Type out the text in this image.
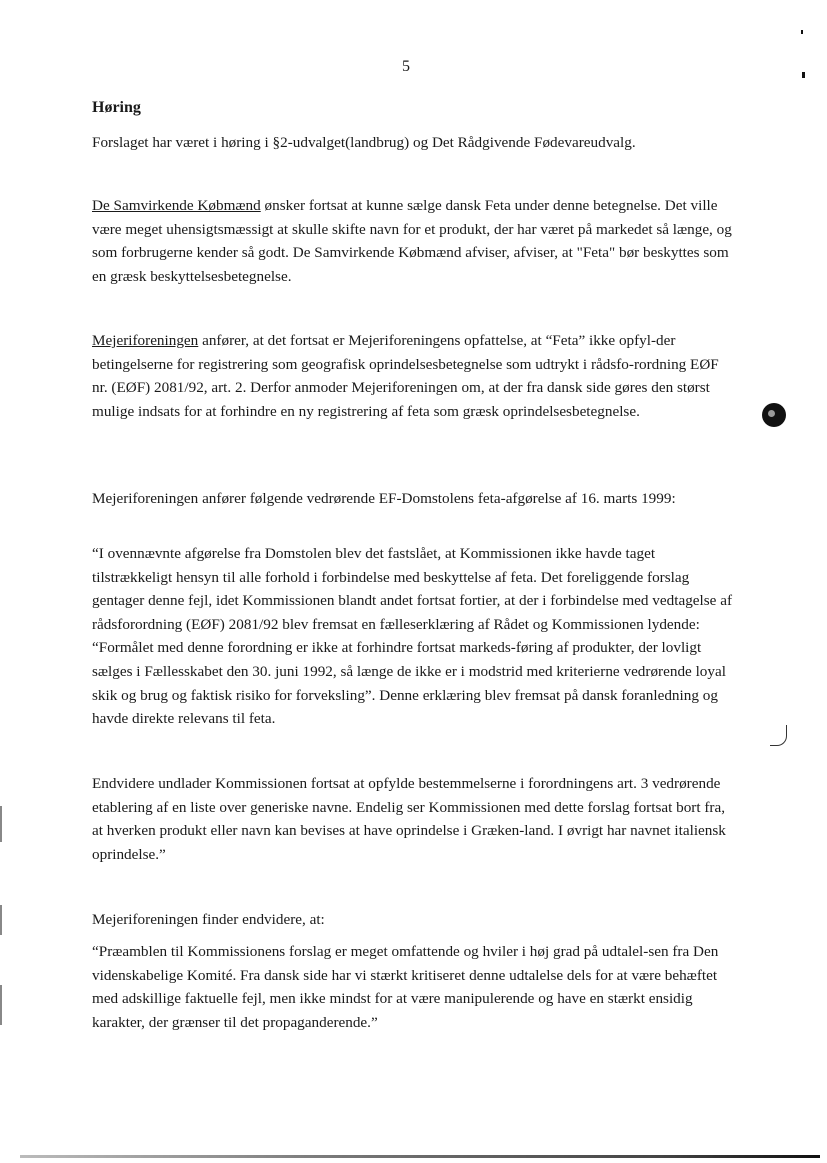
5
Høring

Forslaget har været i høring i §2-udvalget(landbrug) og Det Rådgivende Fødevareudvalg.

De Samvirkende Købmænd ønsker fortsat at kunne sælge dansk Feta under denne betegnelse. Det ville være meget uhensigtsmæssigt at skulle skifte navn for et produkt, der har været på markedet så længe, og som forbrugerne kender så godt. De Samvirkende Købmænd afviser, afviser, at "Feta" bør beskyttes som en græsk beskyttelsesbetegnelse.

Mejeriforeningen anfører, at det fortsat er Mejeriforeningens opfattelse, at “Feta” ikke opfyl-der betingelserne for registrering som geografisk oprindelsesbetegnelse som udtrykt i rådsfo-rordning EØF nr. (EØF) 2081/92, art. 2. Derfor anmoder Mejeriforeningen om, at der fra dansk side gøres den størst mulige indsats for at forhindre en ny registrering af feta som græsk oprindelsesbetegnelse.

Mejeriforeningen anfører følgende vedrørende EF-Domstolens feta-afgørelse af 16. marts 1999:

“I ovennævnte afgørelse fra Domstolen blev det fastslået, at Kommissionen ikke havde taget tilstrækkeligt hensyn til alle forhold i forbindelse med beskyttelse af feta. Det foreliggende forslag gentager denne fejl, idet Kommissionen blandt andet fortsat fortier, at der i forbindelse med vedtagelse af rådsforordning (EØF) 2081/92 blev fremsat en fælleserklæring af Rådet og Kommissionen lydende: “Formålet med denne forordning er ikke at forhindre fortsat markeds-føring af produkter, der lovligt sælges i Fællesskabet den 30. juni 1992, så længe de ikke er i modstrid med kriterierne vedrørende loyal skik og brug og faktisk risiko for forveksling”. Denne erklæring blev fremsat på dansk foranledning og havde direkte relevans til feta.

Endvidere undlader Kommissionen fortsat at opfylde bestemmelserne i forordningens art. 3 vedrørende etablering af en liste over generiske navne. Endelig ser Kommissionen med dette forslag fortsat bort fra, at hverken produkt eller navn kan bevises at have oprindelse i Græken-land. I øvrigt har navnet italiensk oprindelse.”

Mejeriforeningen finder endvidere, at:

“Præamblen til Kommissionens forslag er meget omfattende og hviler i høj grad på udtalel-sen fra Den videnskabelige Komité. Fra dansk side har vi stærkt kritiseret denne udtalelse dels for at være behæftet med adskillige faktuelle fejl, men ikke mindst for at være manipulerende og have en stærkt ensidig karakter, der grænser til det propaganderende.”
